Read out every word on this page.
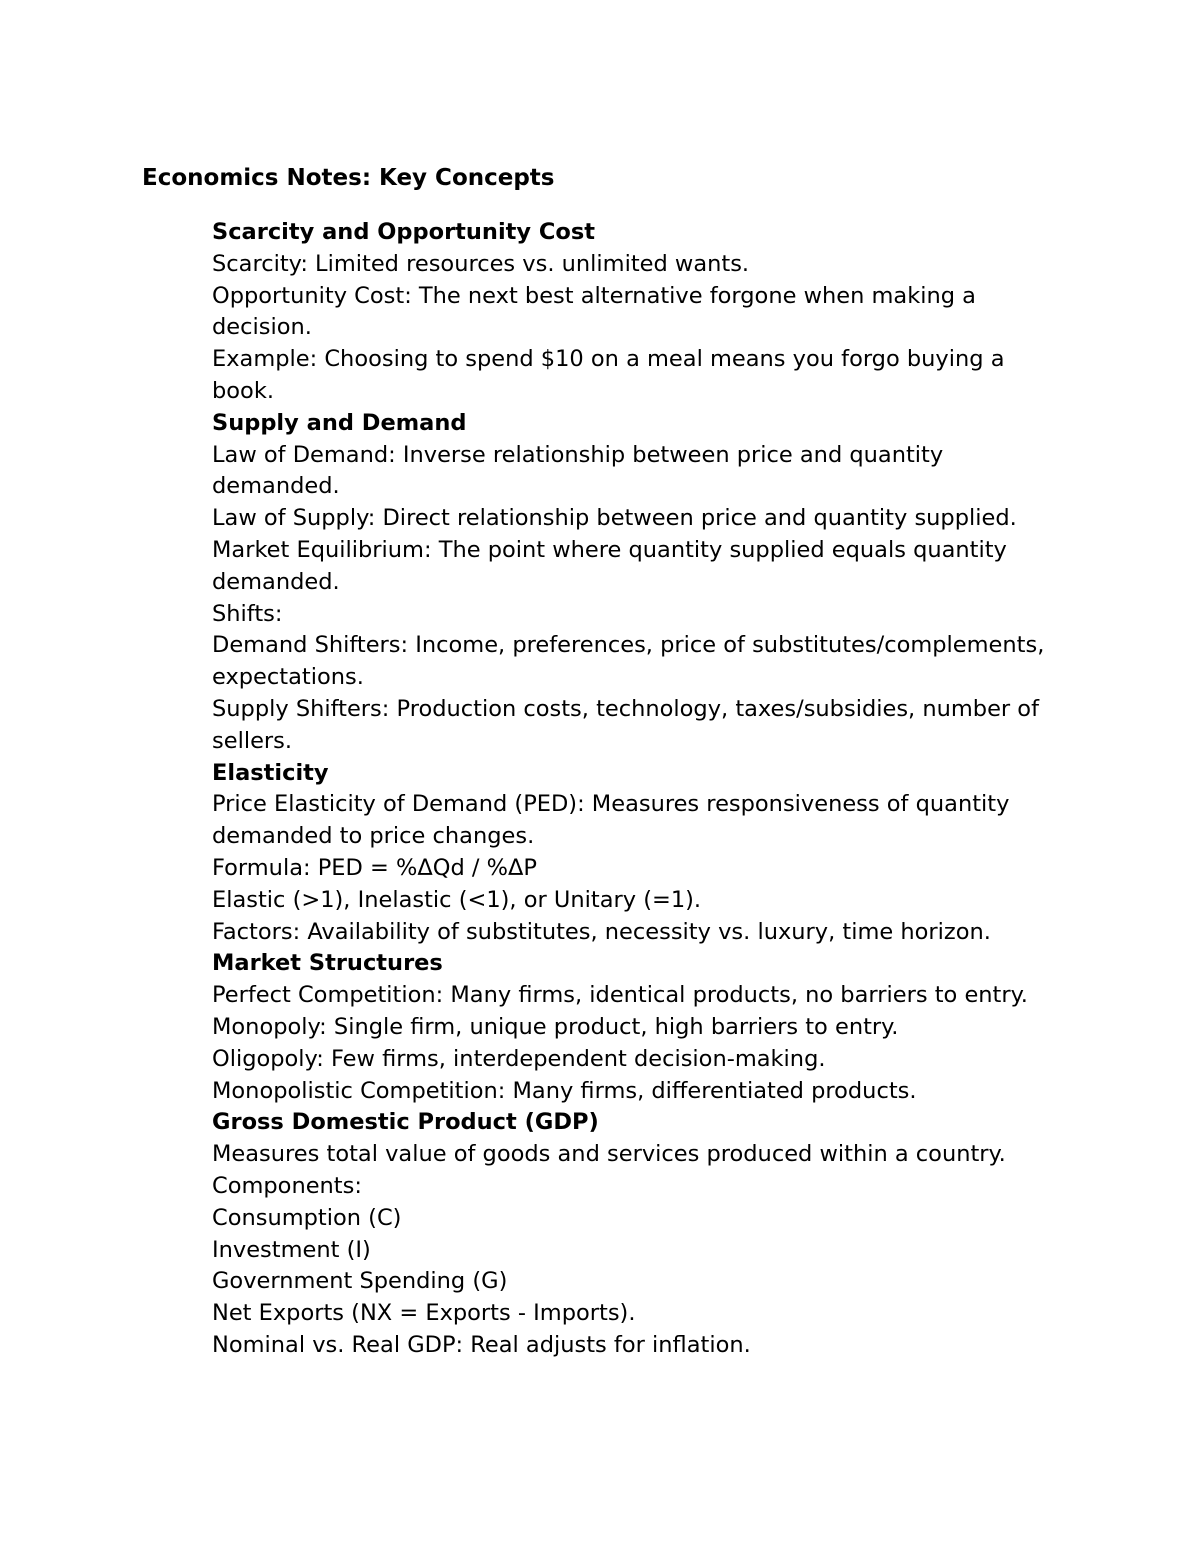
Economics Notes: Key Concepts

Scarcity and Opportunity Cost

Scarcity: Limited resources vs. unlimited wants.

Opportunity Cost: The next best alternative forgone when making a decision.

Example: Choosing to spend $10 on a meal means you forgo buying a book.

Supply and Demand

Law of Demand: Inverse relationship between price and quantity demanded.

Law of Supply: Direct relationship between price and quantity supplied.

Market Equilibrium: The point where quantity supplied equals quantity demanded.

Shifts:

Demand Shifters: Income, preferences, price of substitutes/complements, expectations.

Supply Shifters: Production costs, technology, taxes/subsidies, number of sellers.

Elasticity

Price Elasticity of Demand (PED): Measures responsiveness of quantity demanded to price changes.

Formula: PED = %ΔQd / %ΔP

Elastic (>1), Inelastic (<1), or Unitary (=1).

Factors: Availability of substitutes, necessity vs. luxury, time horizon.

Market Structures

Perfect Competition: Many firms, identical products, no barriers to entry.

Monopoly: Single firm, unique product, high barriers to entry.

Oligopoly: Few firms, interdependent decision-making.

Monopolistic Competition: Many firms, differentiated products.

Gross Domestic Product (GDP)

Measures total value of goods and services produced within a country.

Components:

Consumption (C)

Investment (I)

Government Spending (G)

Net Exports (NX = Exports - Imports).

Nominal vs. Real GDP: Real adjusts for inflation.
